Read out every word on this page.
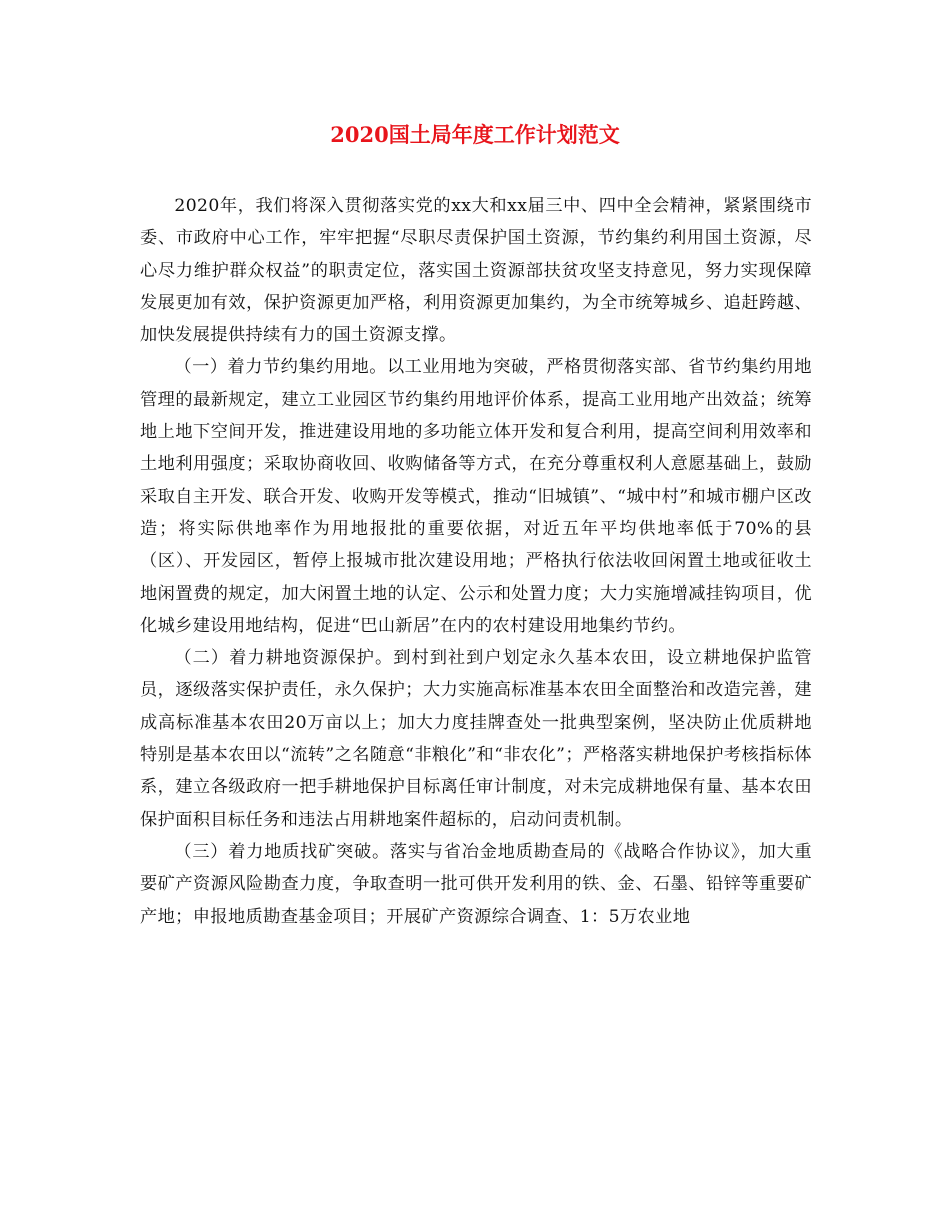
2020国土局年度工作计划范文

2020年，我们将深入贯彻落实党的xx大和xx届三中、四中全会精神，紧紧围绕市委、市政府中心工作，牢牢把握“尽职尽责保护国土资源，节约集约利用国土资源，尽心尽力维护群众权益”的职责定位，落实国土资源部扶贫攻坚支持意见，努力实现保障发展更加有效，保护资源更加严格，利用资源更加集约，为全市统筹城乡、追赶跨越、加快发展提供持续有力的国土资源支撑。

（一）着力节约集约用地。以工业用地为突破，严格贯彻落实部、省节约集约用地管理的最新规定，建立工业园区节约集约用地评价体系，提高工业用地产出效益；统筹地上地下空间开发，推进建设用地的多功能立体开发和复合利用，提高空间利用效率和土地利用强度；采取协商收回、收购储备等方式，在充分尊重权利人意愿基础上，鼓励采取自主开发、联合开发、收购开发等模式，推动“旧城镇”、“城中村”和城市棚户区改造；将实际供地率作为用地报批的重要依据，对近五年平均供地率低于70%的县（区）、开发园区，暂停上报城市批次建设用地；严格执行依法收回闲置土地或征收土地闲置费的规定，加大闲置土地的认定、公示和处置力度；大力实施增减挂钩项目，优化城乡建设用地结构，促进“巴山新居”在内的农村建设用地集约节约。

（二）着力耕地资源保护。到村到社到户划定永久基本农田，设立耕地保护监管员，逐级落实保护责任，永久保护；大力实施高标准基本农田全面整治和改造完善，建成高标准基本农田20万亩以上；加大力度挂牌查处一批典型案例，坚决防止优质耕地特别是基本农田以“流转”之名随意“非粮化”和“非农化”；严格落实耕地保护考核指标体系，建立各级政府一把手耕地保护目标离任审计制度，对未完成耕地保有量、基本农田保护面积目标任务和违法占用耕地案件超标的，启动问责机制。

（三）着力地质找矿突破。落实与省冶金地质勘查局的《战略合作协议》，加大重要矿产资源风险勘查力度，争取查明一批可供开发利用的铁、金、石墨、铅锌等重要矿产地；申报地质勘查基金项目；开展矿产资源综合调查、1：5万农业地
